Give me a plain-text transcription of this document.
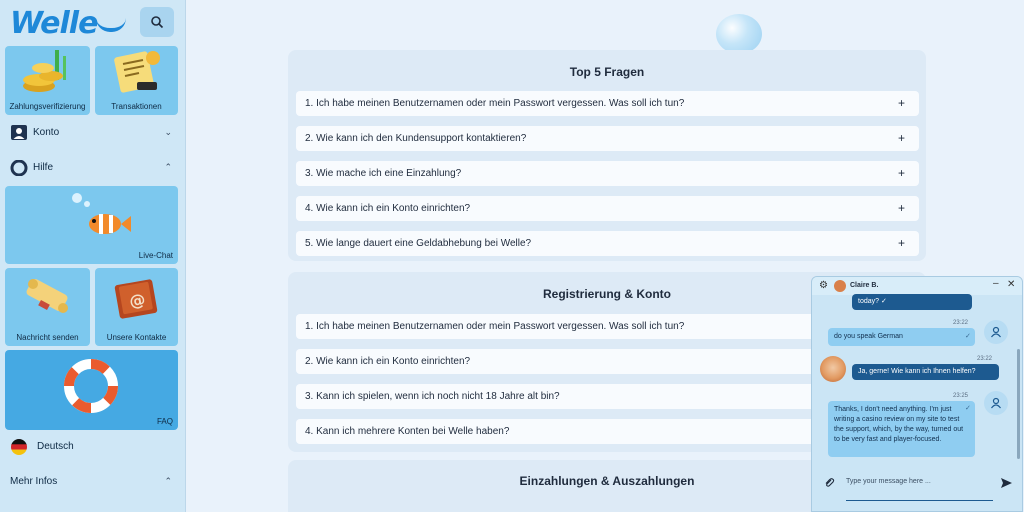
Welle
Zahlungsverifizierung	Transaktionen
Konto	⌄
Hilfe	⌃
Live-Chat
Nachricht senden
@
Unsere Kontakte
FAQ
Deutsch
Mehr Infos	⌃
Top 5 Fragen
1. Ich habe meinen Benutzernamen oder mein Passwort vergessen. Was soll ich tun?	+
2. Wie kann ich den Kundensupport kontaktieren?	+
3. Wie mache ich eine Einzahlung?	+
4. Wie kann ich ein Konto einrichten?	+
5. Wie lange dauert eine Geldabhebung bei Welle?	+
Registrierung & Konto
1. Ich habe meinen Benutzernamen oder mein Passwort vergessen. Was soll ich tun?
2. Wie kann ich ein Konto einrichten?
3. Kann ich spielen, wenn ich noch nicht 18 Jahre alt bin?
4. Kann ich mehrere Konten bei Welle haben?
Einzahlungen & Auszahlungen
⚙	Claire B.	– ✕
today? ✓
23:22
do you speak German	✓
23:22
Ja, gerne! Wie kann ich Ihnen helfen?
23:25
Thanks, I don't need anything. I'm just writing a casino review on my site to test the support, which, by the way, turned out to be very fast and player-focused.
✓
Type your message here ...
